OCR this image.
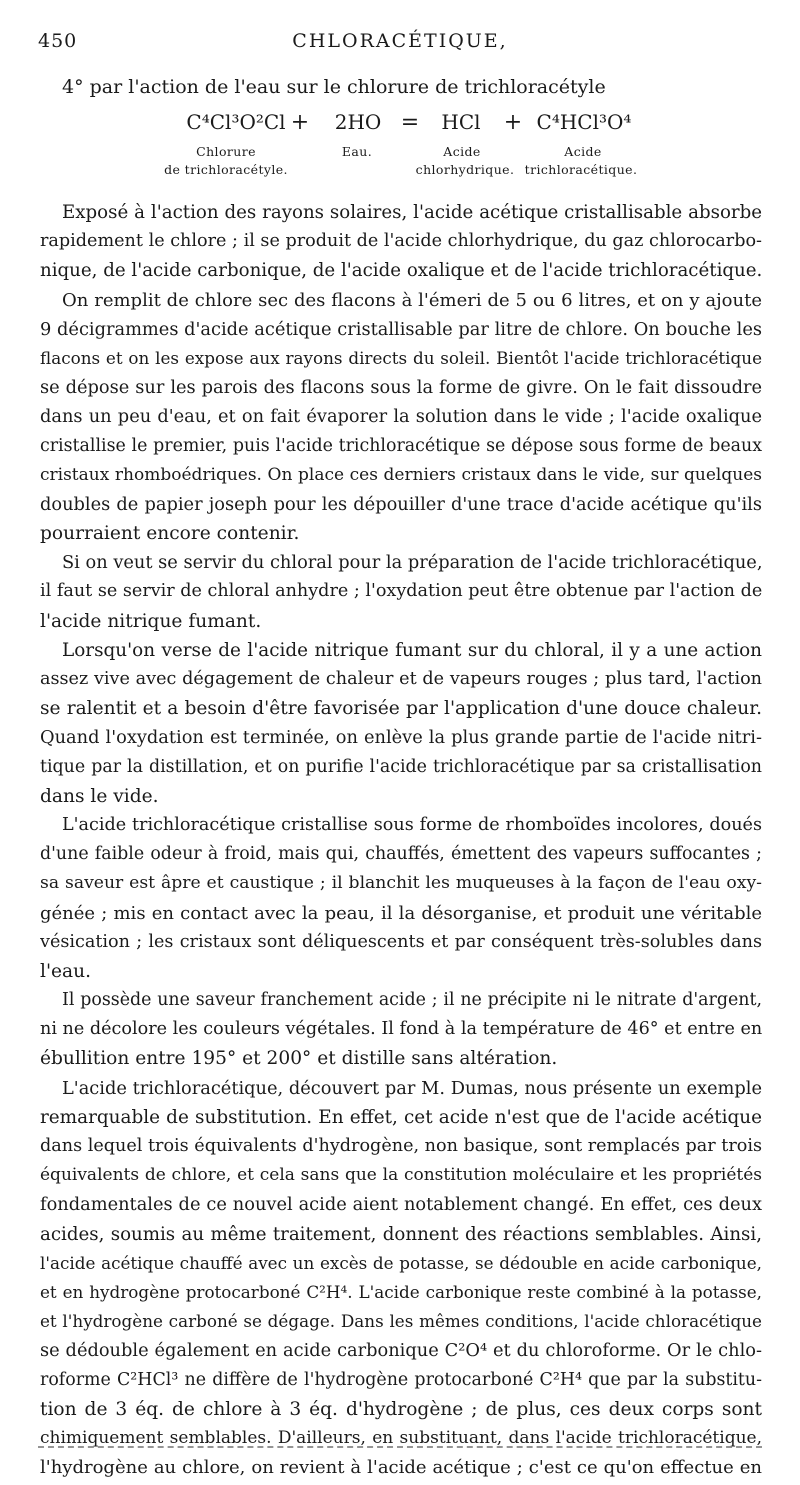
450	CHLORACÉTIQUE,
4° par l'action de l'eau sur le chlorure de trichloracétyle
C⁴Cl³O²Cl + 2HO = HCl + C⁴HCl³O⁴
Chlorure
de trichloracétyle.
Eau.	Acide
chlorhydrique.
Acide
trichloracétique.
Exposé à l'action des rayons solaires, l'acide acétique cristallisable absorbe
rapidement le chlore ; il se produit de l'acide chlorhydrique, du gaz chlorocarbo-
nique, de l'acide carbonique, de l'acide oxalique et de l'acide trichloracétique.
On remplit de chlore sec des flacons à l'émeri de 5 ou 6 litres, et on y ajoute
9 décigrammes d'acide acétique cristallisable par litre de chlore. On bouche les
flacons et on les expose aux rayons directs du soleil. Bientôt l'acide trichloracétique
se dépose sur les parois des flacons sous la forme de givre. On le fait dissoudre
dans un peu d'eau, et on fait évaporer la solution dans le vide ; l'acide oxalique
cristallise le premier, puis l'acide trichloracétique se dépose sous forme de beaux
cristaux rhomboédriques. On place ces derniers cristaux dans le vide, sur quelques
doubles de papier joseph pour les dépouiller d'une trace d'acide acétique qu'ils
pourraient encore contenir.
Si on veut se servir du chloral pour la préparation de l'acide trichloracétique,
il faut se servir de chloral anhydre ; l'oxydation peut être obtenue par l'action de
l'acide nitrique fumant.
Lorsqu'on verse de l'acide nitrique fumant sur du chloral, il y a une action
assez vive avec dégagement de chaleur et de vapeurs rouges ; plus tard, l'action
se ralentit et a besoin d'être favorisée par l'application d'une douce chaleur.
Quand l'oxydation est terminée, on enlève la plus grande partie de l'acide nitri-
tique par la distillation, et on purifie l'acide trichloracétique par sa cristallisation
dans le vide.
L'acide trichloracétique cristallise sous forme de rhomboïdes incolores, doués
d'une faible odeur à froid, mais qui, chauffés, émettent des vapeurs suffocantes ;
sa saveur est âpre et caustique ; il blanchit les muqueuses à la façon de l'eau oxy-
génée ; mis en contact avec la peau, il la désorganise, et produit une véritable
vésication ; les cristaux sont déliquescents et par conséquent très-solubles dans
l'eau.
Il possède une saveur franchement acide ; il ne précipite ni le nitrate d'argent,
ni ne décolore les couleurs végétales. Il fond à la température de 46° et entre en
ébullition entre 195° et 200° et distille sans altération.
L'acide trichloracétique, découvert par M. Dumas, nous présente un exemple
remarquable de substitution. En effet, cet acide n'est que de l'acide acétique
dans lequel trois équivalents d'hydrogène, non basique, sont remplacés par trois
équivalents de chlore, et cela sans que la constitution moléculaire et les propriétés
fondamentales de ce nouvel acide aient notablement changé. En effet, ces deux
acides, soumis au même traitement, donnent des réactions semblables. Ainsi,
l'acide acétique chauffé avec un excès de potasse, se dédouble en acide carbonique,
et en hydrogène protocarboné C²H⁴. L'acide carbonique reste combiné à la potasse,
et l'hydrogène carboné se dégage. Dans les mêmes conditions, l'acide chloracétique
se dédouble également en acide carbonique C²O⁴ et du chloroforme. Or le chlo-
roforme C²HCl³ ne diffère de l'hydrogène protocarboné C²H⁴ que par la substitu-
tion de 3 éq. de chlore à 3 éq. d'hydrogène ; de plus, ces deux corps sont
chimiquement semblables. D'ailleurs, en substituant, dans l'acide trichloracétique,
l'hydrogène au chlore, on revient à l'acide acétique ; c'est ce qu'on effectue en
